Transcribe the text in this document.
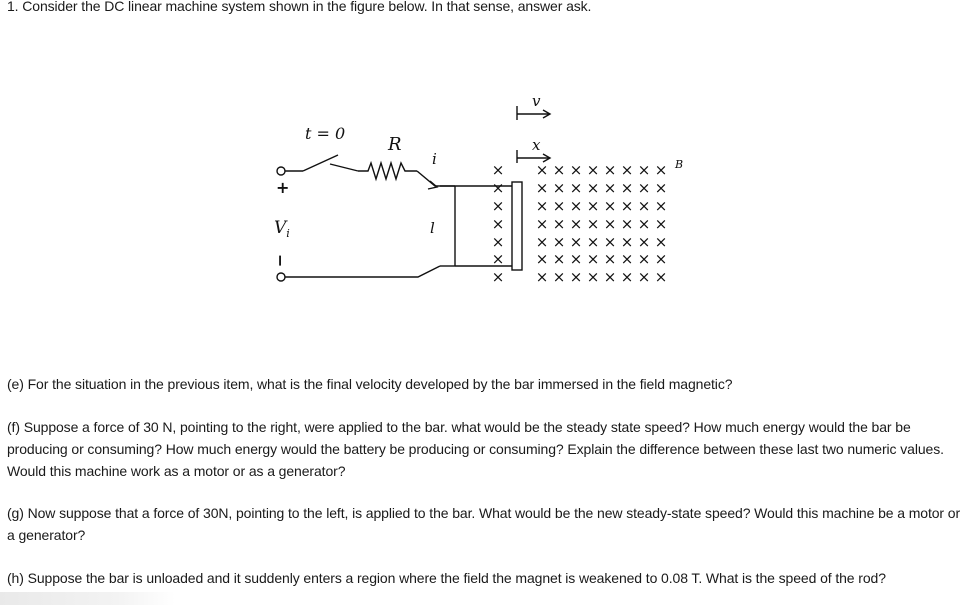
1. Consider the DC linear machine system shown in the figure below. In that sense, answer ask.

t = 0
R
i
$V_i$
+
−
l
v
x
B
×
×
×
×
×
×
×
× × × × × × × ×
× × × × × × × ×
× × × × × × × ×
× × × × × × × ×
× × × × × × × ×
× × × × × × × ×
× × × × × × × ×

(e) For the situation in the previous item, what is the final velocity developed by the bar immersed in the field magnetic?

(f) Suppose a force of 30 N, pointing to the right, were applied to the bar. what would be the steady state speed? How much energy would the bar be producing or consuming? How much energy would the battery be producing or consuming? Explain the difference between these last two numeric values. Would this machine work as a motor or as a generator?

(g) Now suppose that a force of 30N, pointing to the left, is applied to the bar. What would be the new steady-state speed? Would this machine be a motor or a generator?

(h) Suppose the bar is unloaded and it suddenly enters a region where the field the magnet is weakened to 0.08 T. What is the speed of the rod?
